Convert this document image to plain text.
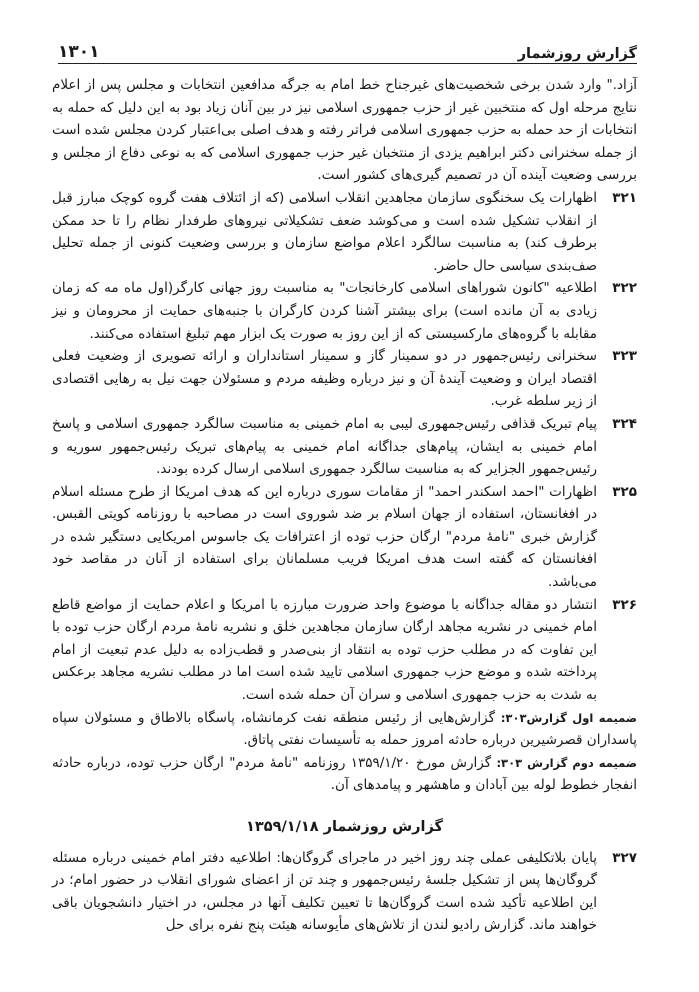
گزارش روزشمار
۱۳۰۱

آزاد." وارد شدن برخی شخصیت‌های غیرجناح خط امام به جرگه مدافعین انتخابات و مجلس پس از اعلام نتایج مرحله اول که منتخبین غیر از حزب جمهوری اسلامی نیز در بین آنان زیاد بود به این دلیل که حمله به انتخابات از حد حمله به حزب جمهوری اسلامی فراتر رفته و هدف اصلی بی‌اعتبار کردن مجلس شده است از جمله سخنرانی دکتر ابراهیم یزدی از منتخبان غیر حزب جمهوری اسلامی که به نوعی دفاع از مجلس و بررسی وضعیت آینده آن در تصمیم گیری‌های کشور است.

۳۲۱
اظهارات یک سخنگوی سازمان مجاهدین انقلاب اسلامی (که از ائتلاف هفت گروه کوچک مبارز قبل از انقلاب تشکیل شده است و می‌کوشد ضعف تشکیلاتی نیروهای طرفدار نظام را تا حد ممکن برطرف کند) به مناسبت سالگرد اعلام مواضع سازمان و بررسی وضعیت کنونی از جمله تحلیل صف‌بندی سیاسی حال حاضر.
۳۲۲
اطلاعیه "کانون شوراهای اسلامی کارخانجات" به مناسبت روز جهانی کارگر(اول ماه مه که زمان زیادی به آن مانده است) برای بیشتر آشنا کردن کارگران با جنبه‌های حمایت از محرومان و نیز مقابله با گروه‌های مارکسیستی که از این روز به صورت یک ابزار مهم تبلیغ استفاده می‌کنند.
۳۲۳
سخنرانی رئیس‌جمهور در دو سمینار گاز و سمینار استانداران و ارائه تصویری از وضعیت فعلی اقتصاد ایران و وضعیت آیندهٔ آن و نیز درباره وظیفه مردم و مسئولان جهت نیل به رهایی اقتصادی از زیر سلطه غرب.
۳۲۴
پیام تبریک قذافی رئیس‌جمهوری لیبی به امام خمینی به مناسبت سالگرد جمهوری اسلامی و پاسخ امام خمینی به ایشان، پیام‌های جداگانه امام خمینی به پیام‌های تبریک رئیس‌جمهور سوریه و رئیس‌جمهور الجزایر که به مناسبت سالگرد جمهوری اسلامی ارسال کرده بودند.
۳۲۵
اظهارات "احمد اسکندر احمد" از مقامات سوری درباره این که هدف امریکا از طرح مسئله اسلام در افغانستان، استفاده از جهان اسلام بر ضد شوروی است در مصاحبه با روزنامه کویتی القبس. گزارش خبری "نامهٔ مردم" ارگان حزب توده از اعترافات یک جاسوس امریکایی دستگیر شده در افغانستان که گفته است هدف امریکا فریب مسلمانان برای استفاده از آنان در مقاصد خود می‌باشد.
۳۲۶
انتشار دو مقاله جداگانه با موضوع واحد ضرورت مبارزه با امریکا و اعلام حمایت از مواضع قاطع امام خمینی در نشریه مجاهد ارگان سازمان مجاهدین خلق و نشریه نامهٔ مردم ارگان حزب توده با این تفاوت که در مطلب حزب توده به انتقاد از بنی‌صدر و قطب‌زاده به دلیل عدم تبعیت از امام پرداخته شده و موضع حزب جمهوری اسلامی تایید شده است اما در مطلب نشریه مجاهد برعکس به شدت به حزب جمهوری اسلامی و سران آن حمله شده است.
ضمیمه اول گزارش۳۰۳: گزارش‌هایی از رئیس منطقه نفت کرمانشاه، پاسگاه بالاطاق و مسئولان سپاه پاسداران قصرشیرین درباره حادثه امروز حمله به تأسیسات نفتی پاتاق.
ضمیمه دوم گزارش ۳۰۳: گزارش مورخ ۱۳۵۹/۱/۲۰ روزنامه "نامهٔ مردم" ارگان حزب توده، درباره حادثه انفجار خطوط لوله بین آبادان و ماهشهر و پیامدهای آن.
گزارش روزشمار ۱۳۵۹/۱/۱۸
۳۲۷
پایان بلاتکلیفی عملی چند روز اخیر در ماجرای گروگان‌ها: اطلاعیه دفتر امام خمینی درباره مسئله گروگان‌ها پس از تشکیل جلسهٔ رئیس‌جمهور و چند تن از اعضای شورای انقلاب در حضور امام؛ در این اطلاعیه تأکید شده است گروگان‌ها تا تعیین تکلیف آنها در مجلس، در اختیار دانشجویان باقی خواهند ماند. گزارش رادیو لندن از تلاش‌های مأیوسانه هیئت پنج نفره برای حل
